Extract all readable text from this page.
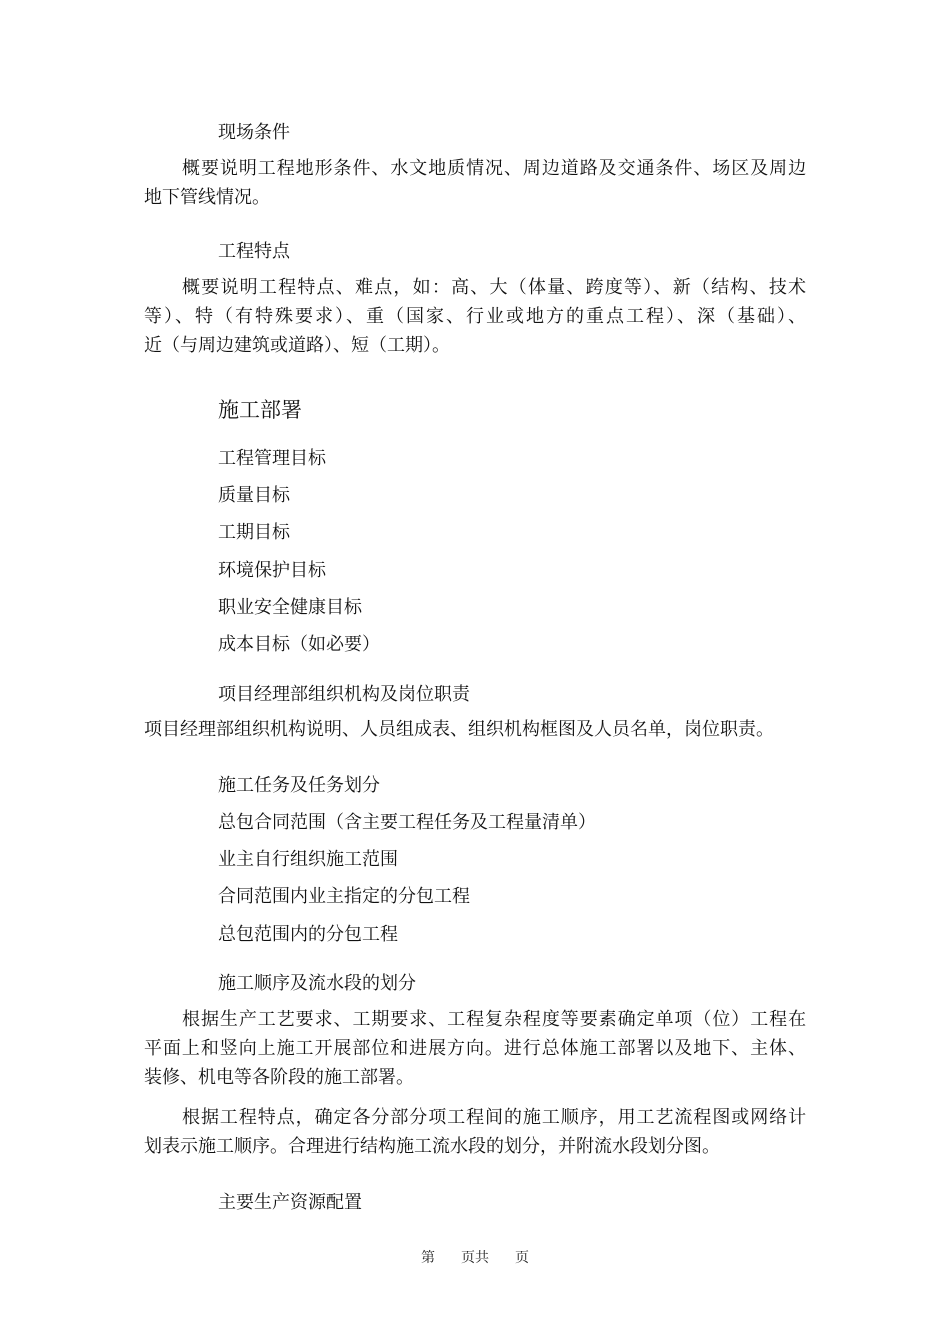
现场条件

概要说明工程地形条件、水文地质情况、周边道路及交通条件、场区及周边

地下管线情况。

工程特点

概要说明工程特点、难点，如：高、大（体量、跨度等）、新（结构、技术

等）、特（有特殊要求）、重（国家、行业或地方的重点工程）、深（基础）、

近（与周边建筑或道路）、短（工期）。

施工部署

工程管理目标

质量目标

工期目标

环境保护目标

职业安全健康目标

成本目标（如必要）

项目经理部组织机构及岗位职责

项目经理部组织机构说明、人员组成表、组织机构框图及人员名单，岗位职责。

施工任务及任务划分

总包合同范围（含主要工程任务及工程量清单）

业主自行组织施工范围

合同范围内业主指定的分包工程

总包范围内的分包工程

施工顺序及流水段的划分

根据生产工艺要求、工期要求、工程复杂程度等要素确定单项（位）工程在

平面上和竖向上施工开展部位和进展方向。进行总体施工部署以及地下、主体、

装修、机电等各阶段的施工部署。

根据工程特点，确定各分部分项工程间的施工顺序，用工艺流程图或网络计

划表示施工顺序。合理进行结构施工流水段的划分，并附流水段划分图。

主要生产资源配置

第 页共 页
